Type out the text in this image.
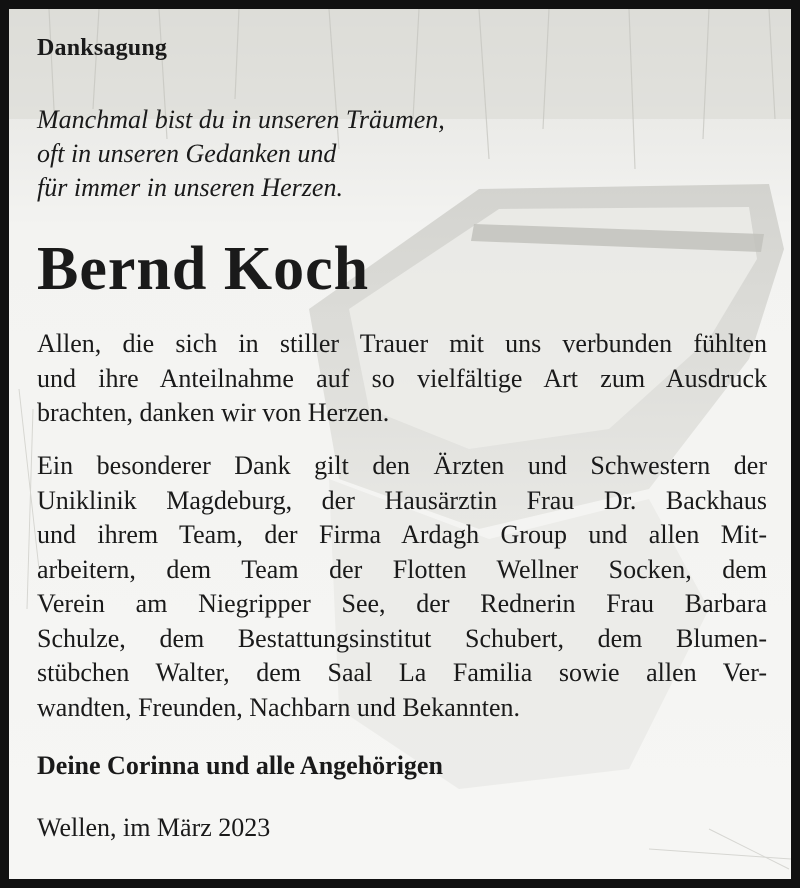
Danksagung
Manchmal bist du in unseren Träumen,
oft in unseren Gedanken und
für immer in unseren Herzen.
Bernd Koch
Allen, die sich in stiller Trauer mit uns verbunden fühlten
und ihre Anteilnahme auf so vielfältige Art zum Ausdruck
brachten, danken wir von Herzen.
Ein besonderer Dank gilt den Ärzten und Schwestern der
Uniklinik Magdeburg, der Hausärztin Frau Dr. Backhaus
und ihrem Team, der Firma Ardagh Group und allen Mit-
arbeitern, dem Team der Flotten Wellner Socken, dem
Verein am Niegripper See, der Rednerin Frau Barbara
Schulze, dem Bestattungsinstitut Schubert, dem Blumen-
stübchen Walter, dem Saal La Familia sowie allen Ver-
wandten, Freunden, Nachbarn und Bekannten.
Deine Corinna und alle Angehörigen
Wellen, im März 2023
